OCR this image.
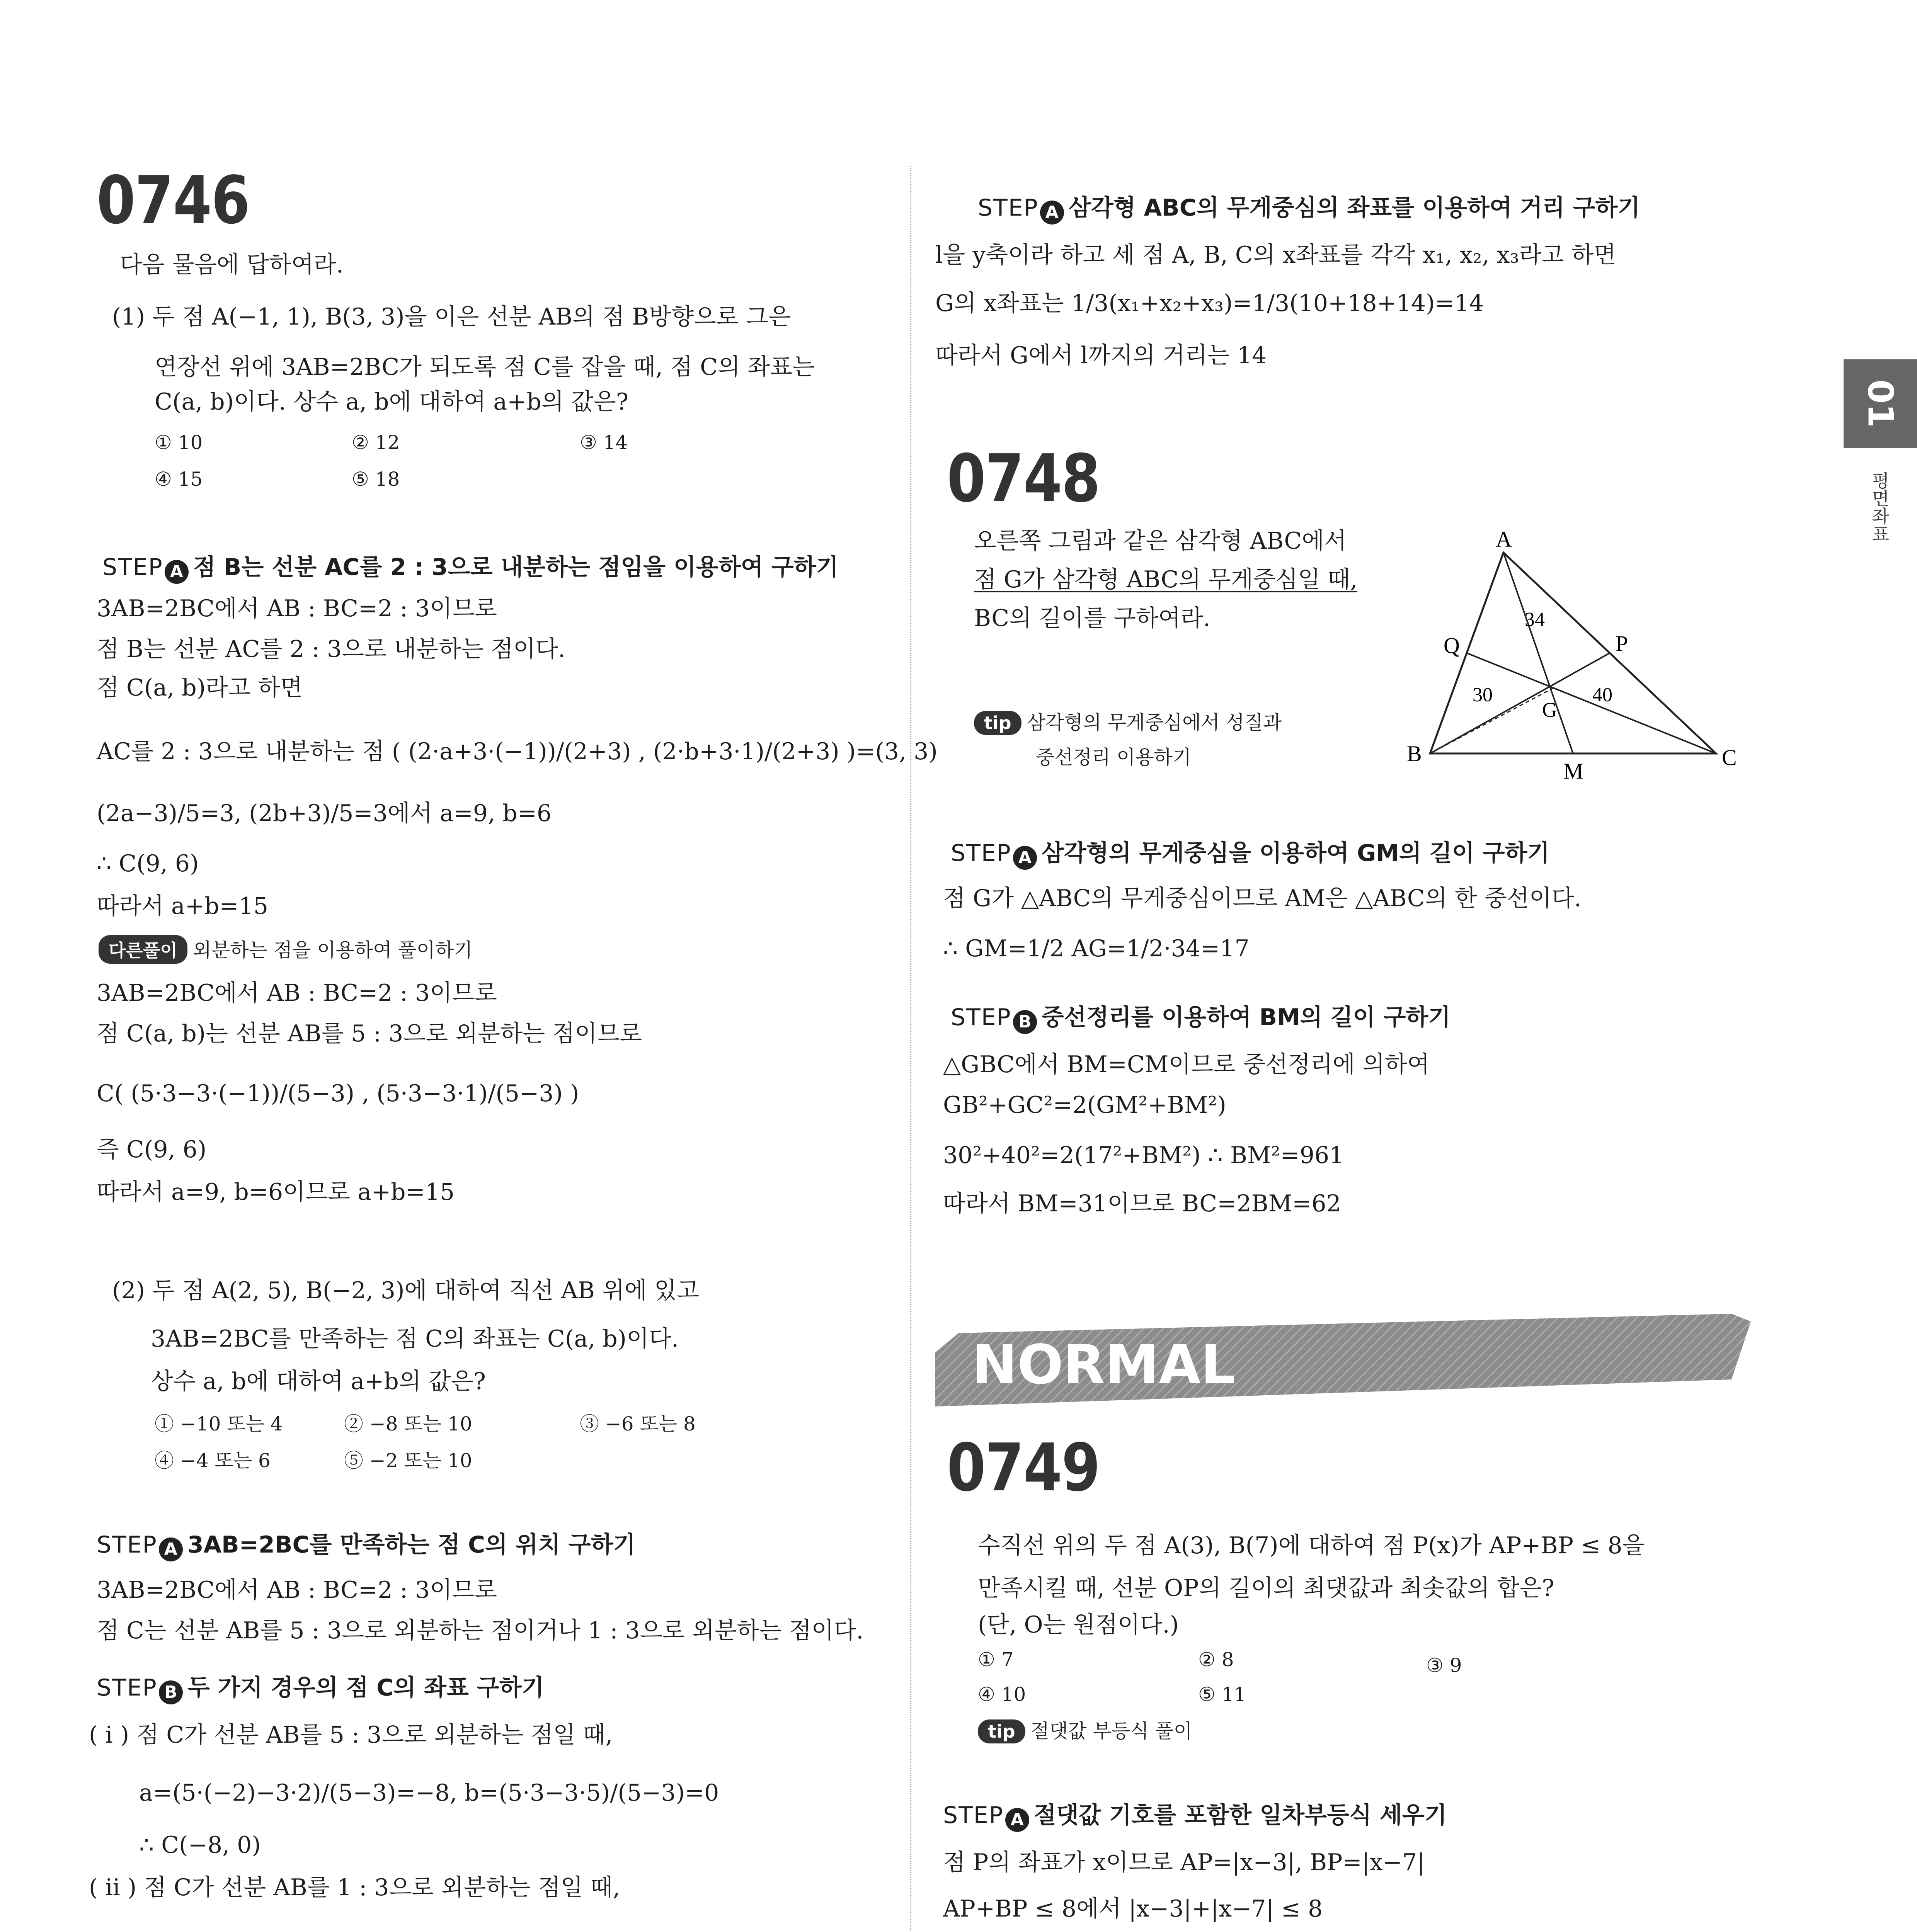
01
평면좌표
0746
다음 물음에 답하여라.
(1) 두 점 A(−1, 1), B(3, 3)을 이은 선분 AB의 점 B방향으로 그은
연장선 위에 3AB=2BC가 되도록 점 C를 잡을 때, 점 C의 좌표는
C(a, b)이다. 상수 a, b에 대하여 a+b의 값은?
① 10	② 12	③ 14
④ 15	⑤ 18
STEP A 점 B는 선분 AC를 2 : 3으로 내분하는 점임을 이용하여 구하기
3AB=2BC에서 AB : BC=2 : 3이므로
점 B는 선분 AC를 2 : 3으로 내분하는 점이다.
점 C(a, b)라고 하면
AC를 2 : 3으로 내분하는 점 ( (2·a+3·(−1))/(2+3) , (2·b+3·1)/(2+3) )=(3, 3)
(2a−3)/5=3, (2b+3)/5=3에서 a=9, b=6
∴ C(9, 6)
따라서 a+b=15
다른풀이 외분하는 점을 이용하여 풀이하기
3AB=2BC에서 AB : BC=2 : 3이므로
점 C(a, b)는 선분 AB를 5 : 3으로 외분하는 점이므로
C( (5·3−3·(−1))/(5−3) , (5·3−3·1)/(5−3) )
즉 C(9, 6)
따라서 a=9, b=6이므로 a+b=15
(2) 두 점 A(2, 5), B(−2, 3)에 대하여 직선 AB 위에 있고
3AB=2BC를 만족하는 점 C의 좌표는 C(a, b)이다.
상수 a, b에 대하여 a+b의 값은?
① −10 또는 4	② −8 또는 10	③ −6 또는 8
④ −4 또는 6	⑤ −2 또는 10
STEP A 3AB=2BC를 만족하는 점 C의 위치 구하기
3AB=2BC에서 AB : BC=2 : 3이므로
점 C는 선분 AB를 5 : 3으로 외분하는 점이거나 1 : 3으로 외분하는 점이다.
STEP B 두 가지 경우의 점 C의 좌표 구하기
( i ) 점 C가 선분 AB를 5 : 3으로 외분하는 점일 때,
a=(5·(−2)−3·2)/(5−3)=−8, b=(5·3−3·5)/(5−3)=0
∴ C(−8, 0)
( ii ) 점 C가 선분 AB를 1 : 3으로 외분하는 점일 때,
STEP A 삼각형 ABC의 무게중심의 좌표를 이용하여 거리 구하기
l을 y축이라 하고 세 점 A, B, C의 x좌표를 각각 x₁, x₂, x₃라고 하면
G의 x좌표는 1/3(x₁+x₂+x₃)=1/3(10+18+14)=14
따라서 G에서 l까지의 거리는 14
0748
오른쪽 그림과 같은 삼각형 ABC에서
점 G가 삼각형 ABC의 무게중심일 때,
BC의 길이를 구하여라.
tip 삼각형의 무게중심에서 성질과
중선정리 이용하기
A
B	C
M
P
Q
G
34
30	40
STEP A 삼각형의 무게중심을 이용하여 GM의 길이 구하기
점 G가 △ABC의 무게중심이므로 AM은 △ABC의 한 중선이다.
∴ GM=1/2 AG=1/2·34=17
STEP B 중선정리를 이용하여 BM의 길이 구하기
△GBC에서 BM=CM이므로 중선정리에 의하여
GB²+GC²=2(GM²+BM²)
30²+40²=2(17²+BM²) ∴ BM²=961
따라서 BM=31이므로 BC=2BM=62
NORMAL
0749
수직선 위의 두 점 A(3), B(7)에 대하여 점 P(x)가 AP+BP ≤ 8을
만족시킬 때, 선분 OP의 길이의 최댓값과 최솟값의 합은?
(단, O는 원점이다.)
① 7	② 8	③ 9
④ 10	⑤ 11
tip 절댓값 부등식 풀이
STEP A 절댓값 기호를 포함한 일차부등식 세우기
점 P의 좌표가 x이므로 AP=|x−3|, BP=|x−7|
AP+BP ≤ 8에서 |x−3|+|x−7| ≤ 8
